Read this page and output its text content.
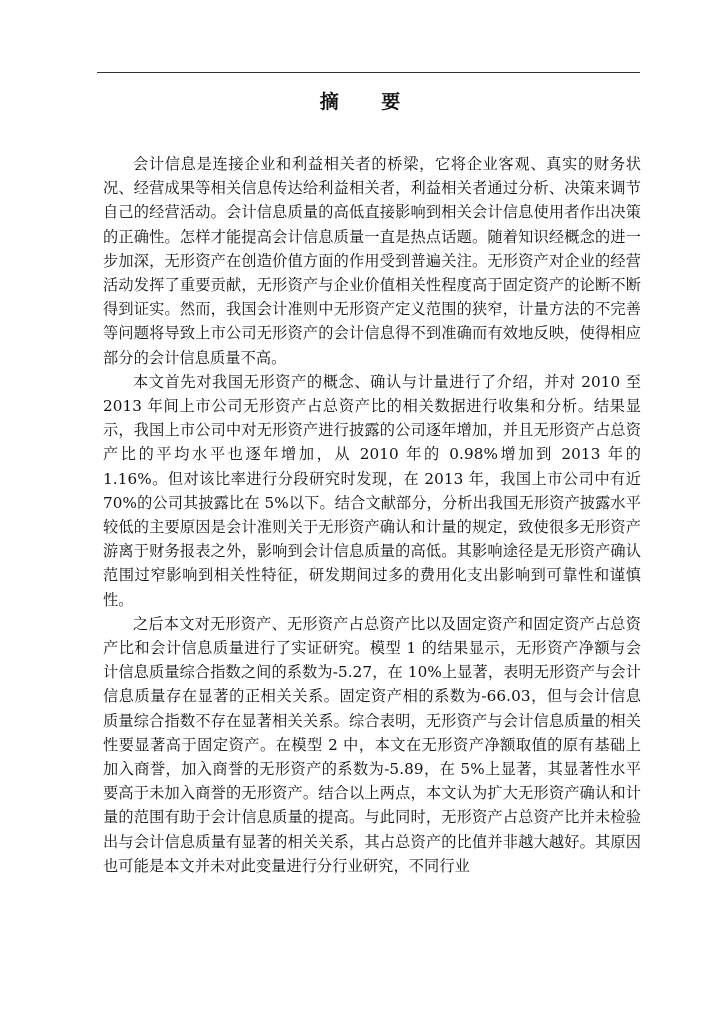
摘 要

会计信息是连接企业和利益相关者的桥梁，它将企业客观、真实的财务状况、经营成果等相关信息传达给利益相关者，利益相关者通过分析、决策来调节自己的经营活动。会计信息质量的高低直接影响到相关会计信息使用者作出决策的正确性。怎样才能提高会计信息质量一直是热点话题。随着知识经概念的进一步加深，无形资产在创造价值方面的作用受到普遍关注。无形资产对企业的经营活动发挥了重要贡献，无形资产与企业价值相关性程度高于固定资产的论断不断得到证实。然而，我国会计准则中无形资产定义范围的狭窄，计量方法的不完善等问题将导致上市公司无形资产的会计信息得不到准确而有效地反映，使得相应部分的会计信息质量不高。

本文首先对我国无形资产的概念、确认与计量进行了介绍，并对 2010 至 2013 年间上市公司无形资产占总资产比的相关数据进行收集和分析。结果显示，我国上市公司中对无形资产进行披露的公司逐年增加，并且无形资产占总资产比的平均水平也逐年增加，从 2010 年的 0.98%增加到 2013 年的 1.16%。但对该比率进行分段研究时发现，在 2013 年，我国上市公司中有近 70%的公司其披露比在 5%以下。结合文献部分，分析出我国无形资产披露水平较低的主要原因是会计准则关于无形资产确认和计量的规定，致使很多无形资产游离于财务报表之外，影响到会计信息质量的高低。其影响途径是无形资产确认范围过窄影响到相关性特征，研发期间过多的费用化支出影响到可靠性和谨慎性。

之后本文对无形资产、无形资产占总资产比以及固定资产和固定资产占总资产比和会计信息质量进行了实证研究。模型 1 的结果显示，无形资产净额与会计信息质量综合指数之间的系数为-5.27，在 10%上显著，表明无形资产与会计信息质量存在显著的正相关关系。固定资产相的系数为-66.03，但与会计信息质量综合指数不存在显著相关关系。综合表明，无形资产与会计信息质量的相关性要显著高于固定资产。在模型 2 中，本文在无形资产净额取值的原有基础上加入商誉，加入商誉的无形资产的系数为-5.89，在 5%上显著，其显著性水平要高于未加入商誉的无形资产。结合以上两点，本文认为扩大无形资产确认和计量的范围有助于会计信息质量的提高。与此同时，无形资产占总资产比并未检验出与会计信息质量有显著的相关关系，其占总资产的比值并非越大越好。其原因也可能是本文并未对此变量进行分行业研究，不同行业
